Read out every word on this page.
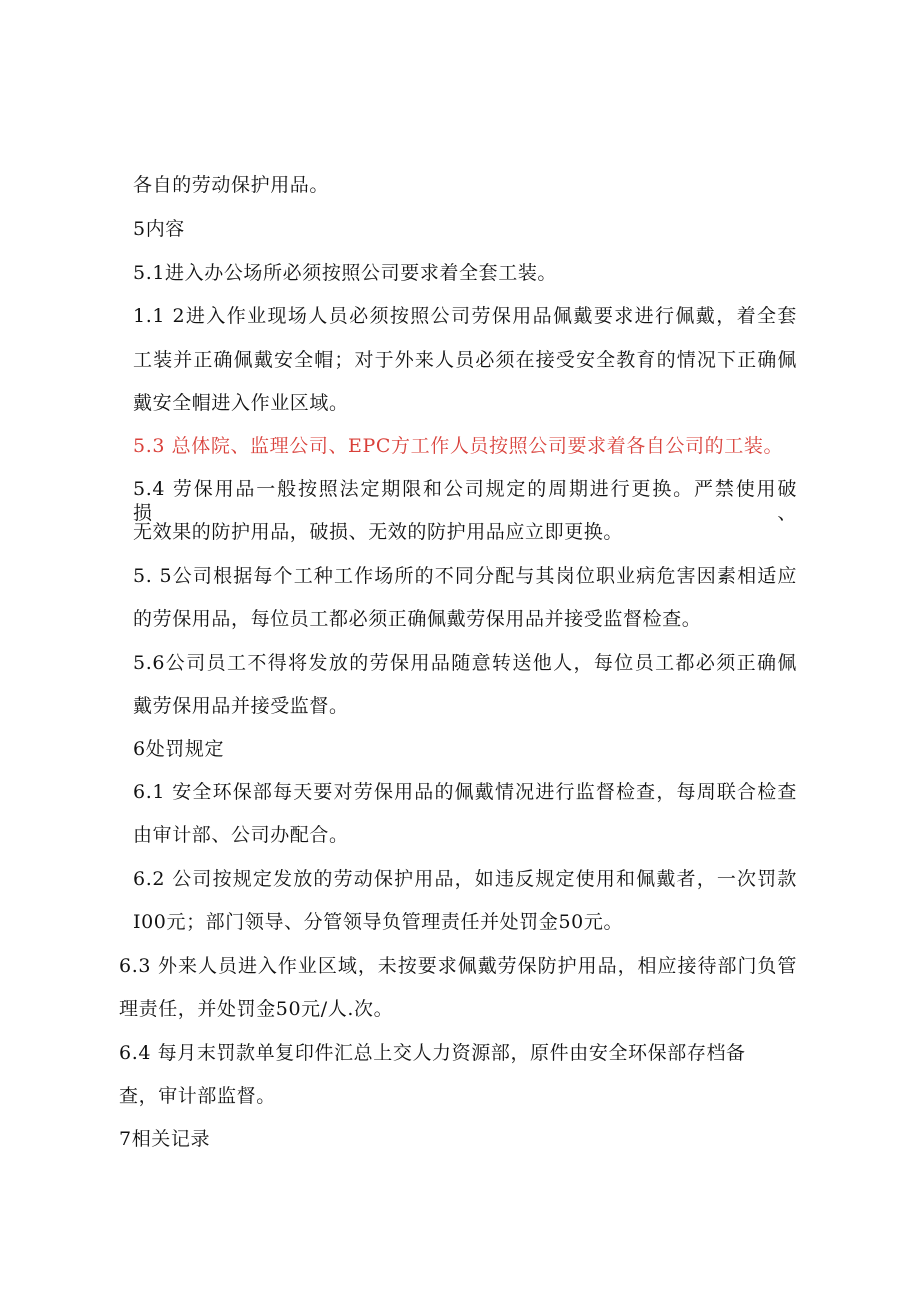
各自的劳动保护用品。
5内容
5.1进入办公场所必须按照公司要求着全套工装。
1.1 2进入作业现场人员必须按照公司劳保用品佩戴要求进行佩戴，着全套
工装并正确佩戴安全帽；对于外来人员必须在接受安全教育的情况下正确佩
戴安全帽进入作业区域。
5.3 总体院、监理公司、EPC方工作人员按照公司要求着各自公司的工装。
5.4 劳保用品一般按照法定期限和公司规定的周期进行更换。严禁使用破损、
无效果的防护用品，破损、无效的防护用品应立即更换。
5. 5公司根据每个工种工作场所的不同分配与其岗位职业病危害因素相适应
的劳保用品，每位员工都必须正确佩戴劳保用品并接受监督检查。
5.6公司员工不得将发放的劳保用品随意转送他人，每位员工都必须正确佩
戴劳保用品并接受监督。
6处罚规定
6.1 安全环保部每天要对劳保用品的佩戴情况进行监督检查，每周联合检查
由审计部、公司办配合。
6.2 公司按规定发放的劳动保护用品，如违反规定使用和佩戴者，一次罚款
I00元；部门领导、分管领导负管理责任并处罚金50元。
6.3 外来人员进入作业区域，未按要求佩戴劳保防护用品，相应接待部门负管
理责任，并处罚金50元/人.次。
6.4 每月末罚款单复印件汇总上交人力资源部，原件由安全环保部存档备
查，审计部监督。
7相关记录
